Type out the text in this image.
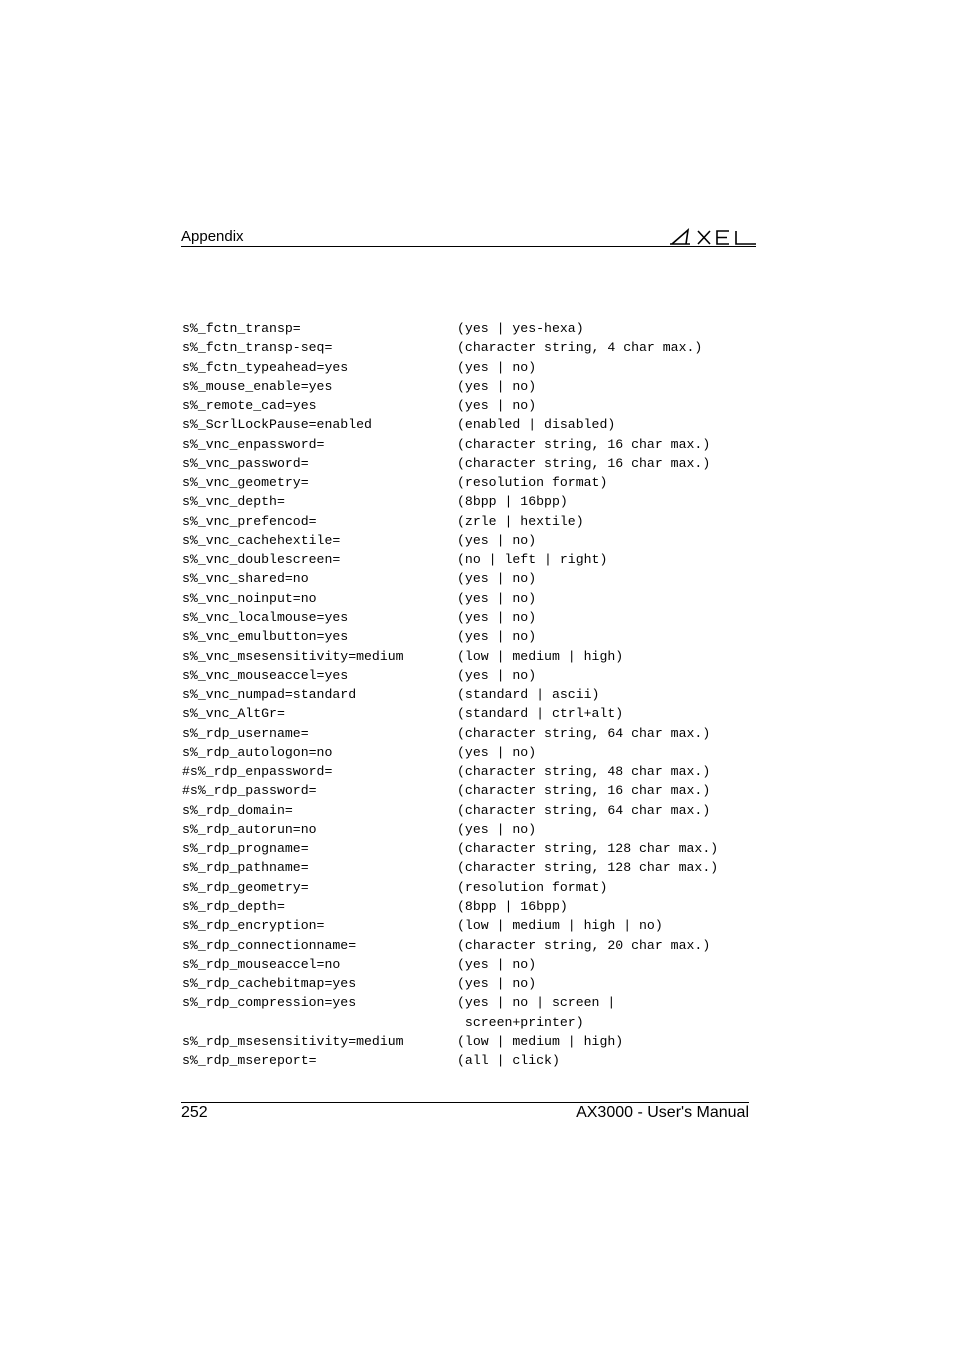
Appendix
s%_fctn_transp=	(yes | yes-hexa)
s%_fctn_transp-seq=	(character string, 4 char max.)
s%_fctn_typeahead=yes	(yes | no)
s%_mouse_enable=yes	(yes | no)
s%_remote_cad=yes	(yes | no)
s%_ScrlLockPause=enabled	(enabled | disabled)
s%_vnc_enpassword=	(character string, 16 char max.)
s%_vnc_password=	(character string, 16 char max.)
s%_vnc_geometry=	(resolution format)
s%_vnc_depth=	(8bpp | 16bpp)
s%_vnc_prefencod=	(zrle | hextile)
s%_vnc_cachehextile=	(yes | no)
s%_vnc_doublescreen=	(no | left | right)
s%_vnc_shared=no	(yes | no)
s%_vnc_noinput=no	(yes | no)
s%_vnc_localmouse=yes	(yes | no)
s%_vnc_emulbutton=yes	(yes | no)
s%_vnc_msesensitivity=medium	(low | medium | high)
s%_vnc_mouseaccel=yes	(yes | no)
s%_vnc_numpad=standard	(standard | ascii)
s%_vnc_AltGr=	(standard | ctrl+alt)
s%_rdp_username=	(character string, 64 char max.)
s%_rdp_autologon=no	(yes | no)
#s%_rdp_enpassword=	(character string, 48 char max.)
#s%_rdp_password=	(character string, 16 char max.)
s%_rdp_domain=	(character string, 64 char max.)
s%_rdp_autorun=no	(yes | no)
s%_rdp_progname=	(character string, 128 char max.)
s%_rdp_pathname=	(character string, 128 char max.)
s%_rdp_geometry=	(resolution format)
s%_rdp_depth=	(8bpp | 16bpp)
s%_rdp_encryption=	(low | medium | high | no)
s%_rdp_connectionname=	(character string, 20 char max.)
s%_rdp_mouseaccel=no	(yes | no)
s%_rdp_cachebitmap=yes	(yes | no)
s%_rdp_compression=yes	(yes | no | screen |
screen+printer)
s%_rdp_msesensitivity=medium	(low | medium | high)
s%_rdp_msereport=	(all | click)
252	AX3000 - User's Manual
